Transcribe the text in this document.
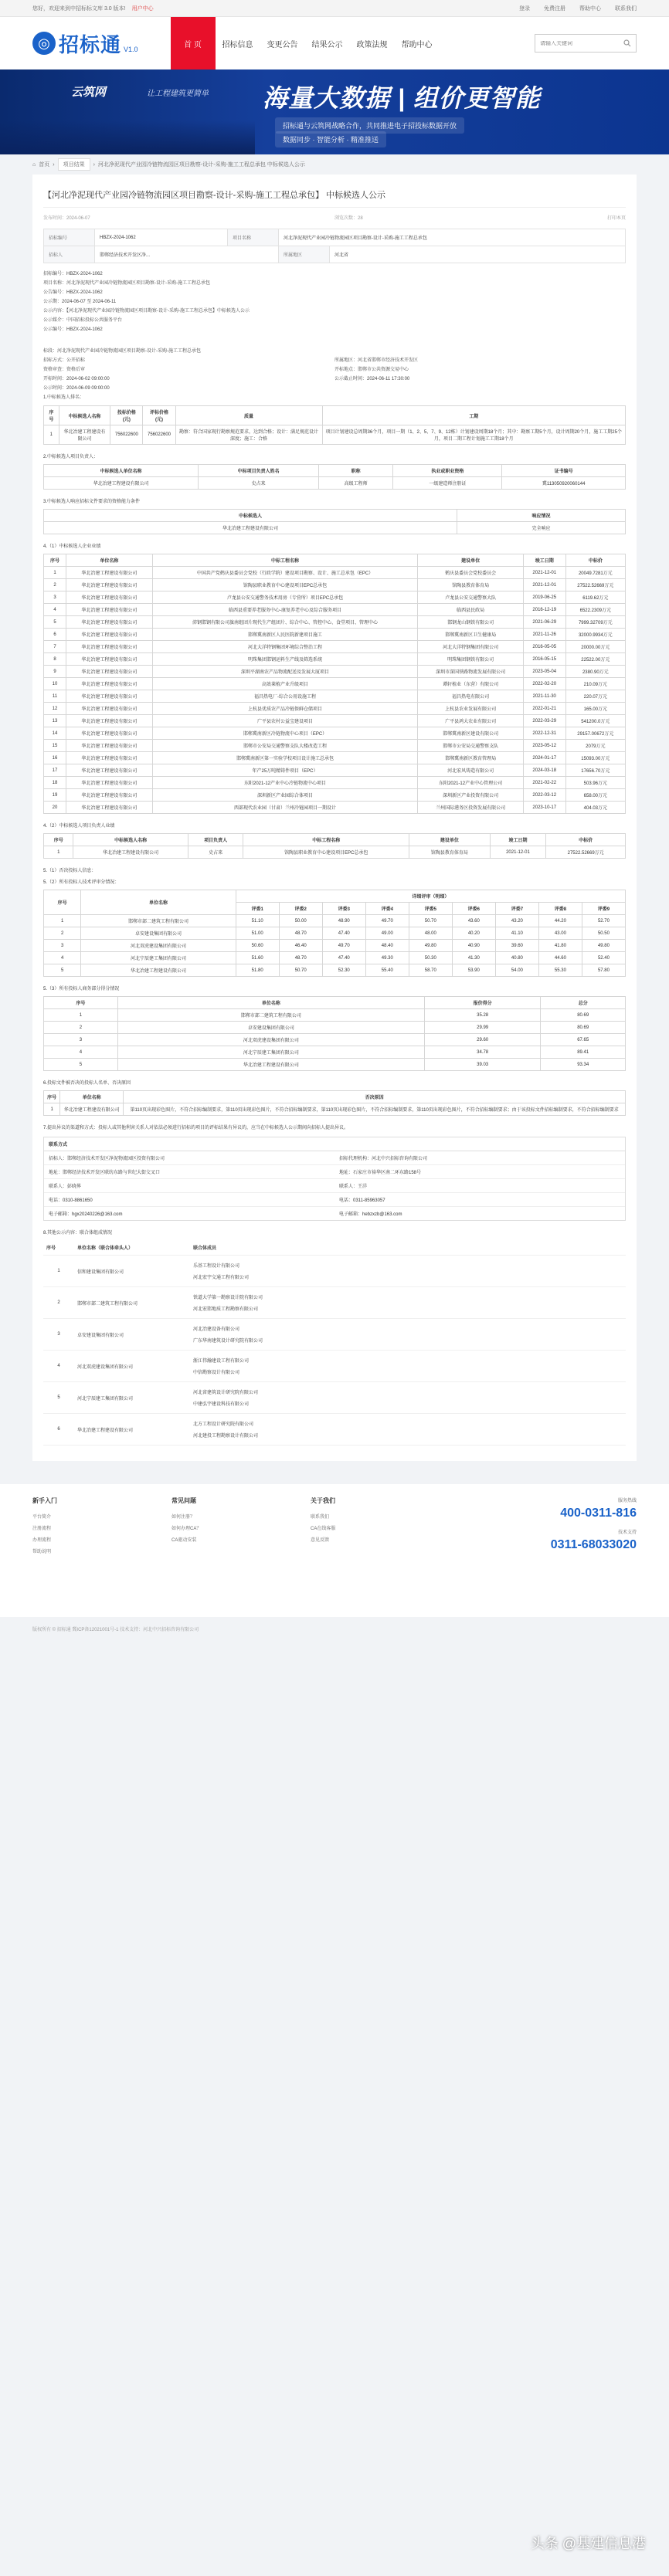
您好，欢迎来到中招标标文库 3.0 版本! 用户中心	登录	免费注册	帮助中心	联系我们
◎ 招标通 V1.0
首 页	招标信息	变更公告	结果公示	政策法规	帮助中心
请输入关键词
云筑网	让工程建筑更简单 海量大数据 | 组价更智能
招标通与云筑网战略合作，共同推进电子招投标数据开放
数据同步 · 智能分析 · 精准推送
⌂ 首页 ›	项目结果	› 河北净泥现代产业园冷链物流园区项目勘察-设计-采购-施工工程总承包 中标候选人公示
【河北净泥现代产业园冷链物流园区项目勘察-设计-采购-施工工程总承包】 中标候选人公示
发布时间：2024-06-07	浏览次数：28	打印本页
招标编号	HBZX-2024-1062	项目名称	河北净泥现代产业园冷链物流园区项目勘察-设计-采购-施工工程总承包	
招标人	邯郸经济技术开发区净...		所属地区	河北省

招标编号：HBZX-2024-1062

项目名称：河北净泥现代产业园冷链物流园区项目勘察-设计-采购-施工工程总承包

公告编号：HBZX-2024-1062

公示期：2024-06-07 至 2024-06-11

公示内容：【河北净泥现代产业园冷链物流园区项目勘察-设计-采购-施工工程总承包】中标候选人公示

公示媒介：中国招标投标公共服务平台

公示编号：HBZX-2024-1062

标段：河北净泥现代产业园冷链物流园区项目勘察-设计-采购-施工工程总承包

招标方式：公开招标

资格审查：资格后审

开标时间：2024-06-02 09:00:00

公示时间：2024-06-09 09:00:00

所属地区：河北省邯郸市经济技术开发区

开标地点：邯郸市公共资源交易中心

公示截止时间：2024-06-11 17:30:00

1.中标候选人排名：

序号	中标候选人名称	投标价格(元)	评标价格(元)	质量	工期
1	华北冶建工程建设有限公司	756022600	756022600	勘察：符合国家现行勘察规范要求，达到合格；设计：满足规范设计深度；施工：合格	项目计划建设总周期36个月，项目一期（1、2、5、7、9、12栋）计划建设周期18个月；其中：勘察工期5个月，设计周期20个月，施工工期25个月，项目二期工程计划施工工期18个月
2.中标候选人项目负责人：
中标候选人单位名称	中标项目负责人姓名	职称	执业或职业资格	证书编号
华北冶建工程建设有限公司	史占来	高级工程师	一级建造师注册证	冀113050920060144
3.中标候选人响应招标文件要求的资格能力条件
中标候选人	响应情况
华北冶建工程建设有限公司	完全响应
4.（1）中标候选人企业业绩
序号	单位名称	中标工程名称	建设单位	竣工日期	中标价
1	华北冶建工程建设有限公司	中国共产党鹤庆县委员会党校（行政学院）建设项目勘察、设计、施工总承包（EPC）	鹤庆县委员会党校委员会	2021-12-01	20049.7281万元
2	华北冶建工程建设有限公司	馆陶县职业教育中心建设项目EPC总承包	馆陶县教育体育局	2021-12-01	27522.52669万元
3	华北冶建工程建设有限公司	卢龙县公安交通警务技术用房（专营所）项目EPC总承包	卢龙县公安交通警察大队	2019-06-25	6119.62万元
4	华北冶建工程建设有限公司	临西县重要养老服务中心-康复养老中心及综合服务项目	临西县民政局	2016-12-19	6522.2309万元
5	华北冶建工程建设有限公司	沛钢邯钢有限公司旗南组团片现代生产组团片、综合中心、管控中心、食堂项目、管理中心	邯钢龙山钢铁有限公司	2021-06-29	7999.32709万元
6	华北冶建工程建设有限公司	邯郸冀南新区人民医院新建项目施工	邯郸冀南新区卫生健康局	2021-11-26	32000.9934万元
7	华北冶建工程建设有限公司	河北大洋特钢集团环境综合整治工程	河北大洋特钢集团有限公司	2016-05-05	20000.00万元
8	华北冶建工程建设有限公司	明珠集团邯钢运料生产线及筛选系统	明珠集团钢铁有限公司	2016-05-15	22522.00万元
9	华北冶建工程建设有限公司	深圳平湖南农产品物流配送及发展大厦项目	深圳市深国铁路物流发展有限公司	2023-05-04	2380.90万元
10	华北冶建工程建设有限公司	高效莱植产业升级项目	谭轩植业（东营）有限公司	2022-02-20	210.09万元
11	华北冶建工程建设有限公司	福昌热电厂-综合公用设施工程	福昌热电有限公司	2021-11-30	220.07万元
12	华北冶建工程建设有限公司	上杭县优质农产品冷链保鲜仓储项目	上杭县农业发展有限公司	2022-01-21	165.00万元
13	华北冶建工程建设有限公司	广平县农村公益宝建设项目	广平县鸿大农业有限公司	2022-03-29	541200.0万元
14	华北冶建工程建设有限公司	邯郸冀南新区冷链物流中心项目（EPC）	邯郸冀南新区建设有限公司	2022-12-31	29157.00672万元
15	华北冶建工程建设有限公司	邯郸市公安局交通警察支队大楼改造工程	邯郸市公安局交通警察支队	2023-05-12	2079万元
16	华北冶建工程建设有限公司	邯郸冀南新区第一实验学校项目设计施工总承包	邯郸冀南新区教育管理局	2024-01-17	15093.00万元
17	华北冶建工程建设有限公司	年产25万吨精铸件项目（EPC）	河北宏风铸造有限公司	2024-03-18	17656.70万元
18	华北冶建工程建设有限公司	东阳2021-12产业中心冷链物流中心项目	东阳2021-12产业中心管理公司	2021-02-22	503.96万元
19	华北冶建工程建设有限公司	深圳新区产业园综合体项目	深圳新区产业投资有限公司	2022-03-12	658.00万元
20	华北冶建工程建设有限公司	西部现代农业园（甘肃）兰州冷链园项目一期设计	兰州国际港务区投资发展有限公司	2023-10-17	404.03万元
4.（2）中标候选人项目负责人业绩
序号	中标候选人名称	项目负责人	中标工程名称	建设单位	竣工日期	中标价
1	华北冶建工程建设有限公司	史占来	馆陶县职业教育中心建设项目EPC总承包	馆陶县教育体育局	2021-12-01	27522.52669万元
5.（1）否决投标人信息：
5.（2）所有投标人技术评审分情况：
序号	单位名称	详细评审（明细）								
		评委1	评委2	评委3	评委4	评委5	评委6	评委7	评委8	评委9
1	邯郸市部二建筑工程有限公司	51.10	50.00	48.90	49.70	50.70	43.60	43.20	44.20	52.70
2	卓安建设集团有限公司	51.00	48.70	47.40	49.00	48.00	40.20	41.10	43.00	50.50
3	河北双虎建设集团有限公司	50.60	46.40	49.70	48.40	49.80	40.90	39.60	41.80	49.80
4	河北宁辰建工集团有限公司	51.60	48.70	47.40	49.30	50.30	41.30	40.80	44.60	52.40
5	华北冶建工程建设有限公司	51.80	50.70	52.30	55.40	58.70	53.90	54.00	55.30	57.80
5.（3）所有投标人商务部分得分情况
序号	单位名称	报价得分	总分
1	邯郸市部二建筑工程有限公司	35.28	80.69
2	卓安建设集团有限公司	29.99	80.69
3	河北双虎建设集团有限公司	29.60	67.65
4	河北宁辰建工集团有限公司	34.78	89.41
5	华北冶建工程建设有限公司	39.03	93.34
6.投标文件被否决的投标人名单、否决原因
序号	单位名称	否决原因
1	华北冶建工程建设有限公司	第110页出现彩色图片，不符合招标编制要求，第110页出现彩色图片，不符合招标编制要求，第110页出现彩色图片，不符合招标编制要求，第110页出现彩色图片，不符合招标编制要求；由于该投标文件招标编制要求，不符合招标编制要求
7.提出异议的渠道和方式：投标人或其他利害关系人对依法必须进行招标的项目的评标结果有异议的，应当在中标候选人公示期间向招标人提出异议。
联系方式
招标人：邯郸经济技术开发区净泥物流园区投资有限公司	招标代理机构：河北中兴招标咨询有限公司
地址：邯郸经济技术开发区联纺东路与世纪大街交叉口	地址：石家庄市裕华区南二环东路158号
联系人：彭晓界	联系人：王洋
电话：0310-8861650	电话：0311-85963057
电子邮箱：hgx20240226@163.com	电子邮箱：hebzxzb@163.com
8.其他公示内容：联合体组成情况
序号	单位名称（联合体牵头人）	联合体成员
1	信和建设集团有限公司	乐基工程设计有限公司
河北宏宇交通工程有限公司

2	邯郸市部二建筑工程有限公司	铁道大学第一勘察设计院有限公司
河北宏邯地质工程勘察有限公司

3	卓安建设集团有限公司	河北冶建设备有限公司
广东华南建筑设计研究院有限公司

4	河北双虎建设集团有限公司	浙江伟瀚建设工程有限公司
中信勘察设计有限公司

5	河北宁辰建工集团有限公司	河北省建筑设计研究院有限公司
中建弘宇建设科技有限公司

6	华北冶建工程建设有限公司	北方工程设计研究院有限公司
河北建投工程勘察设计有限公司
新手入门

平台简介

注册流程

办理流程

帮助说明

常见问题

如何注册？

如何办理CA？

CA驱动安装

关于我们

联系我们

CA在线客服

意见反馈

服务热线

400-0311-816

技术支持

0311-68033020
版权所有 © 招标通 冀ICP备12021001号-1 技术支持：河北中兴招标咨询有限公司
头条 @基建信息港
